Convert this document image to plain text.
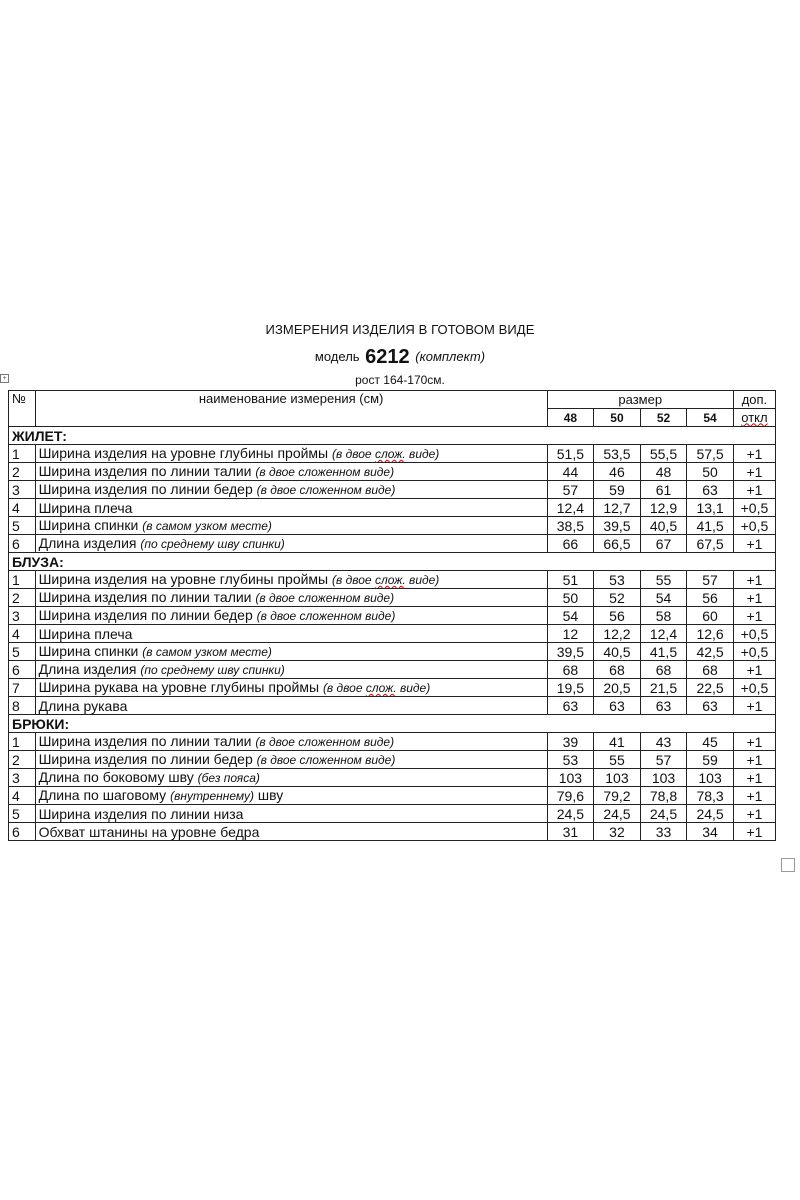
ИЗМЕРЕНИЯ ИЗДЕЛИЯ В ГОТОВОМ ВИДЕ
модель 6212 (комплект)
рост 164-170см.
+
№	наименование измерения (см)	размер				доп.
		48	50	52	54	откл
ЖИЛЕТ:						
1	Ширина изделия на уровне глубины проймы (в двое слож. виде)	51,5	53,5	55,5	57,5	+1
2	Ширина изделия по линии талии (в двое сложенном виде)	44	46	48	50	+1
3	Ширина изделия по линии бедер (в двое сложенном виде)	57	59	61	63	+1
4	Ширина плеча	12,4	12,7	12,9	13,1	+0,5
5	Ширина спинки (в самом узком месте)	38,5	39,5	40,5	41,5	+0,5
6	Длина изделия (по среднему шву спинки)	66	66,5	67	67,5	+1
БЛУЗА:						
1	Ширина изделия на уровне глубины проймы (в двое слож. виде)	51	53	55	57	+1
2	Ширина изделия по линии талии (в двое сложенном виде)	50	52	54	56	+1
3	Ширина изделия по линии бедер (в двое сложенном виде)	54	56	58	60	+1
4	Ширина плеча	12	12,2	12,4	12,6	+0,5
5	Ширина спинки (в самом узком месте)	39,5	40,5	41,5	42,5	+0,5
6	Длина изделия (по среднему шву спинки)	68	68	68	68	+1
7	Ширина рукава на уровне глубины проймы (в двое слож. виде)	19,5	20,5	21,5	22,5	+0,5
8	Длина рукава	63	63	63	63	+1
БРЮКИ:						
1	Ширина изделия по линии талии (в двое сложенном виде)	39	41	43	45	+1
2	Ширина изделия по линии бедер (в двое сложенном виде)	53	55	57	59	+1
3	Длина по боковому шву (без пояса)	103	103	103	103	+1
4	Длина по шаговому (внутреннему) шву	79,6	79,2	78,8	78,3	+1
5	Ширина изделия по линии низа	24,5	24,5	24,5	24,5	+1
6	Обхват штанины на уровне бедра	31	32	33	34	+1
